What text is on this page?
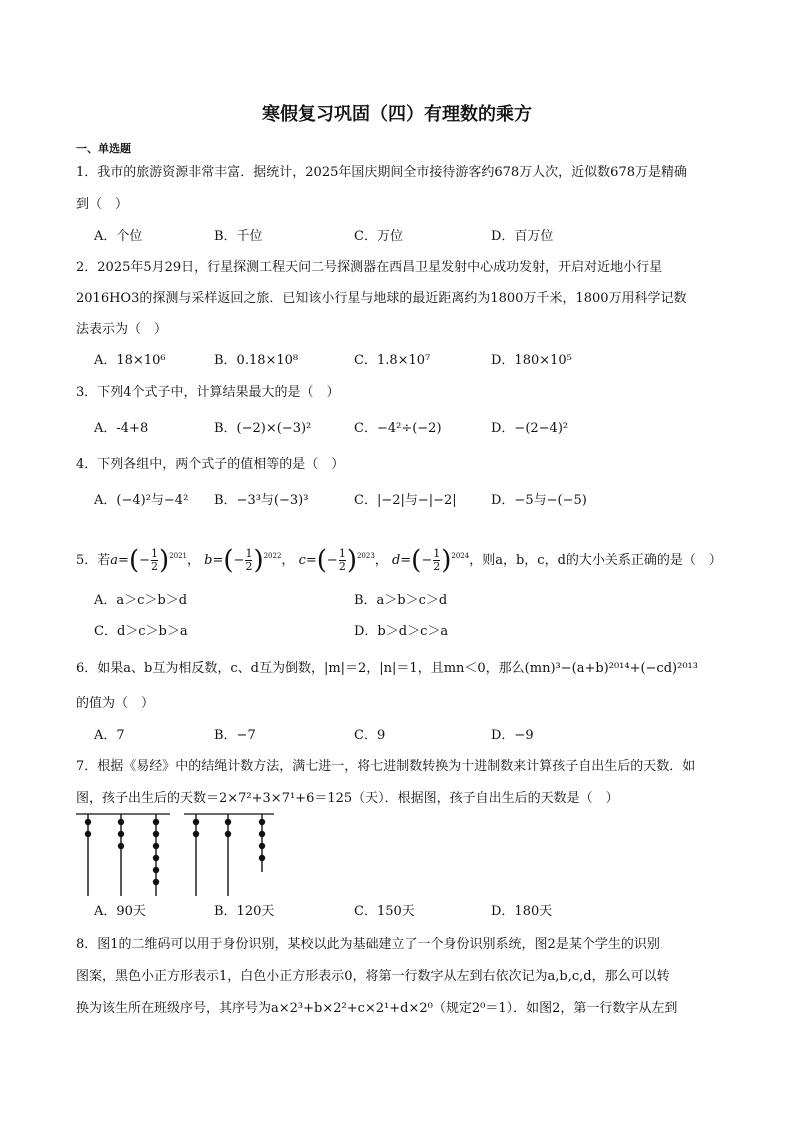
寒假复习巩固（四）有理数的乘方
一、单选题
1．我市的旅游资源非常丰富．据统计，2025年国庆期间全市接待游客约678万人次，近似数678万是精确
到（　）
A．个位	B．千位	C．万位	D．百万位
2．2025年5月29日，行星探测工程天问二号探测器在西昌卫星发射中心成功发射，开启对近地小行星
2016HO3的探测与采样返回之旅．已知该小行星与地球的最近距离约为1800万千米，1800万用科学记数
法表示为（　）
A．18×10⁶	B．0.18×10⁸	C．1.8×10⁷	D．180×10⁵
3．下列4个式子中，计算结果最大的是（　）
A．-4+8	B．(−2)×(−3)²	C．−4²÷(−2)	D．−(2−4)²
4．下列各组中，两个式子的值相等的是（　）
A．(−4)²与−4² B．−3³与(−3)³	C．|−2|与−|−2|	D．−5与−(−5)
5．若$a=(- \frac{1}{2} )^{2021}$， $b=(- \frac{1}{2} )^{2022}$， $c=(- \frac{1}{2} )^{2023}$， $d=(- \frac{1}{2} )^{2024}$，则a，b，c，d的大小关系正确的是（　）
A．a＞c＞b＞d	B．a＞b＞c＞d
C．d＞c＞b＞a	D．b＞d＞c＞a
6．如果a、b互为相反数，c、d互为倒数，|m|＝2，|n|＝1，且mn＜0，那么(mn)³−(a+b)²⁰¹⁴+(−cd)²⁰¹³
的值为（　）
A．7	B．−7	C．9	D．−9
7．根据《易经》中的结绳计数方法，满七进一，将七进制数转换为十进制数来计算孩子自出生后的天数．如
图，孩子出生后的天数＝2×7²+3×7¹+6＝125（天）．根据图，孩子自出生后的天数是（　）
A．90天	B．120天	C．150天	D．180天
8．图1的二维码可以用于身份识别，某校以此为基础建立了一个身份识别系统，图2是某个学生的识别
图案，黑色小正方形表示1，白色小正方形表示0，将第一行数字从左到右依次记为a,b,c,d，那么可以转
换为该生所在班级序号，其序号为a×2³+b×2²+c×2¹+d×2⁰（规定2⁰＝1）．如图2，第一行数字从左到
